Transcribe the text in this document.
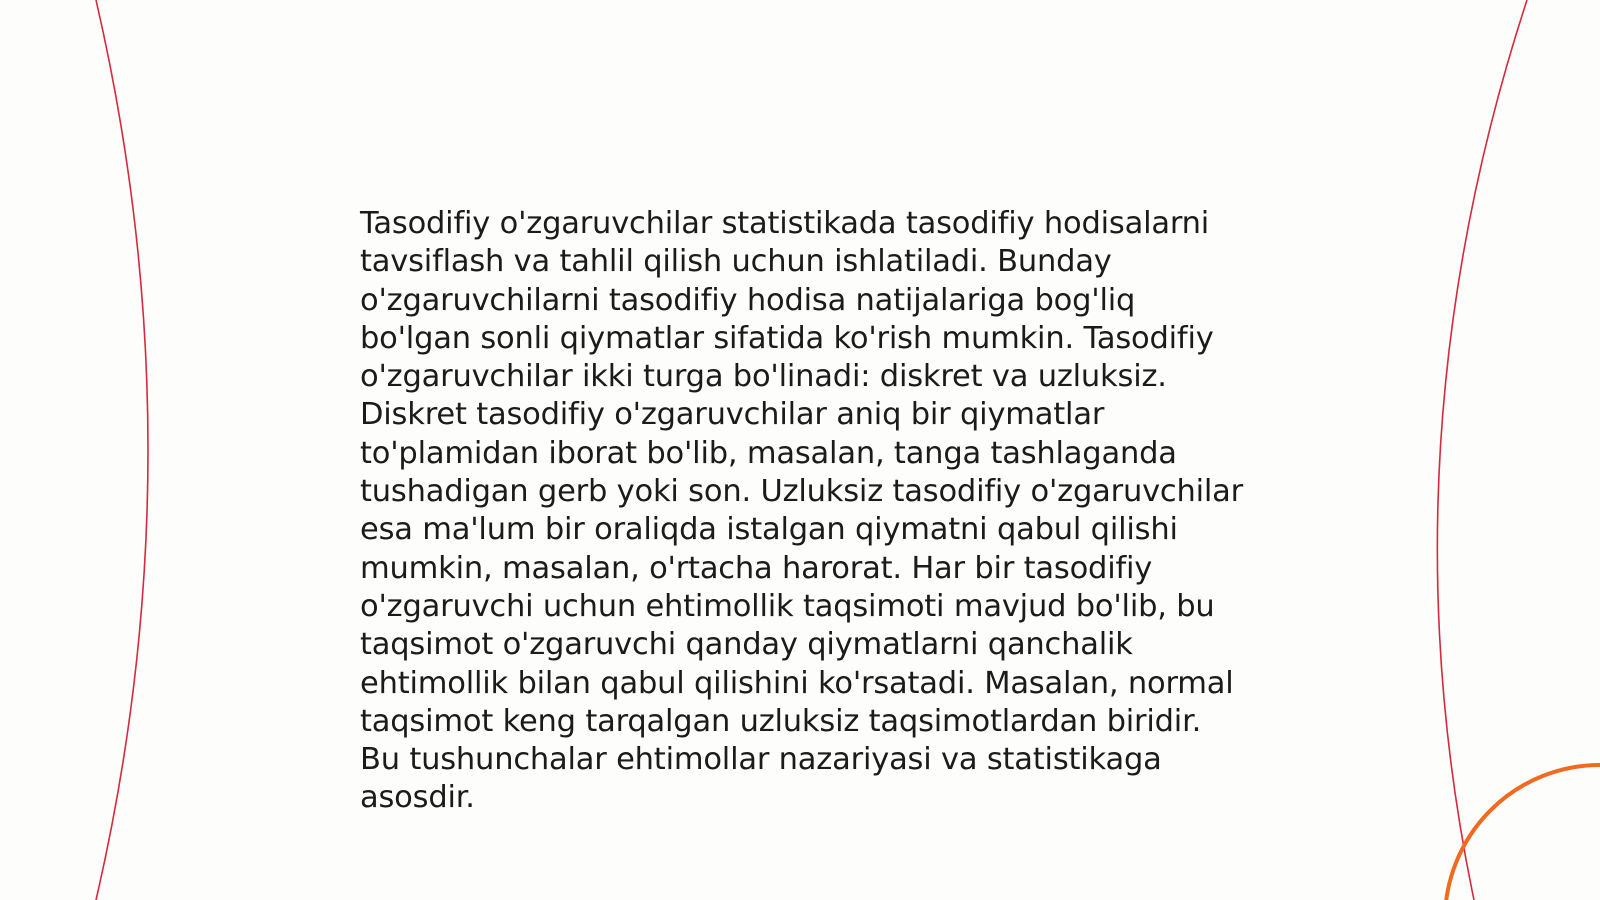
Tasodifiy o'zgaruvchilar statistikada tasodifiy hodisalarni
tavsiflash va tahlil qilish uchun ishlatiladi. Bunday
o'zgaruvchilarni tasodifiy hodisa natijalariga bog'liq
bo'lgan sonli qiymatlar sifatida ko'rish mumkin. Tasodifiy
o'zgaruvchilar ikki turga bo'linadi: diskret va uzluksiz.
Diskret tasodifiy o'zgaruvchilar aniq bir qiymatlar
to'plamidan iborat bo'lib, masalan, tanga tashlaganda
tushadigan gerb yoki son. Uzluksiz tasodifiy o'zgaruvchilar
esa ma'lum bir oraliqda istalgan qiymatni qabul qilishi
mumkin, masalan, o'rtacha harorat. Har bir tasodifiy
o'zgaruvchi uchun ehtimollik taqsimoti mavjud bo'lib, bu
taqsimot o'zgaruvchi qanday qiymatlarni qanchalik
ehtimollik bilan qabul qilishini ko'rsatadi. Masalan, normal
taqsimot keng tarqalgan uzluksiz taqsimotlardan biridir.
Bu tushunchalar ehtimollar nazariyasi va statistikaga
asosdir.
